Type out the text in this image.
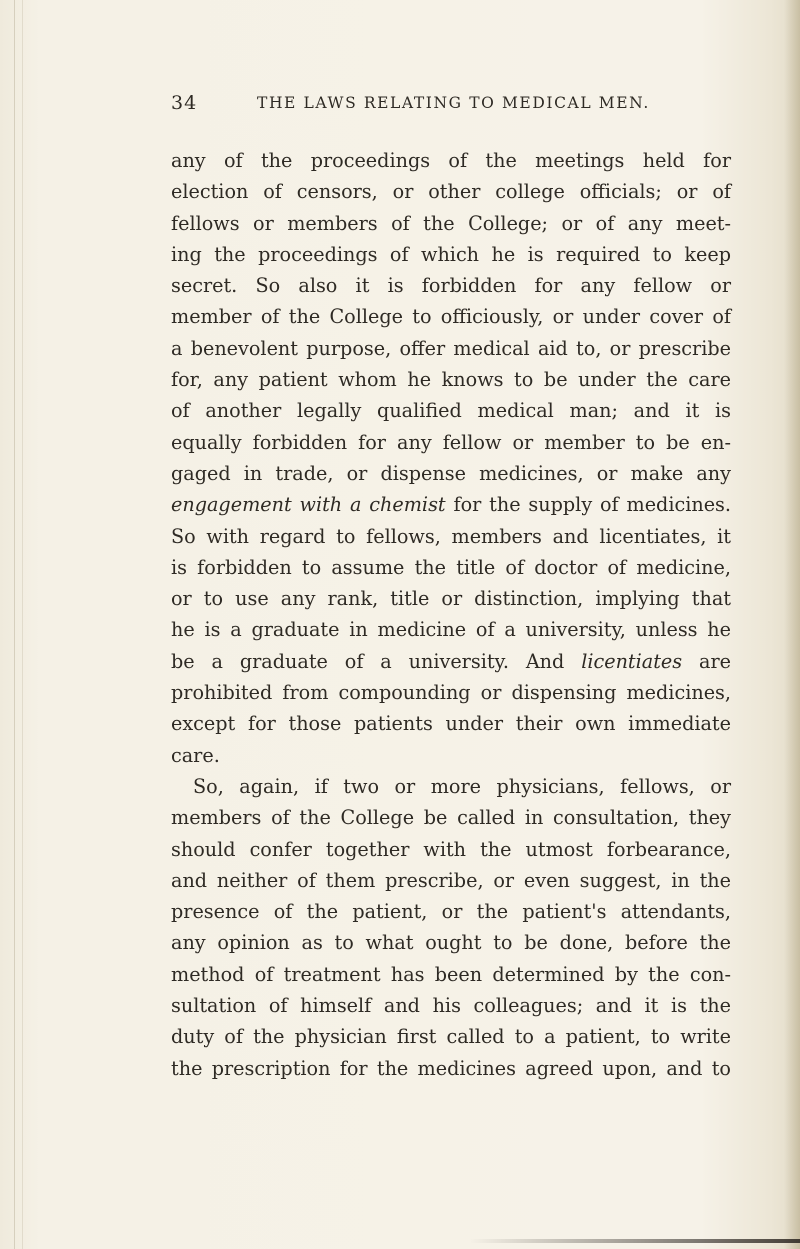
34	THE LAWS RELATING TO MEDICAL MEN.
any of the proceedings of the meetings held for
election of censors, or other college officials; or of
fellows or members of the College; or of any meet-
ing the proceedings of which he is required to keep
secret. So also it is forbidden for any fellow or
member of the College to officiously, or under cover of
a benevolent purpose, offer medical aid to, or prescribe
for, any patient whom he knows to be under the care
of another legally qualified medical man; and it is
equally forbidden for any fellow or member to be en-
gaged in trade, or dispense medicines, or make any
engagement with a chemist for the supply of medicines.
So with regard to fellows, members and licentiates, it
is forbidden to assume the title of doctor of medicine,
or to use any rank, title or distinction, implying that
he is a graduate in medicine of a university, unless he
be a graduate of a university. And licentiates are
prohibited from compounding or dispensing medicines,
except for those patients under their own immediate
care.
So, again, if two or more physicians, fellows, or
members of the College be called in consultation, they
should confer together with the utmost forbearance,
and neither of them prescribe, or even suggest, in the
presence of the patient, or the patient's attendants,
any opinion as to what ought to be done, before the
method of treatment has been determined by the con-
sultation of himself and his colleagues; and it is the
duty of the physician first called to a patient, to write
the prescription for the medicines agreed upon, and to
